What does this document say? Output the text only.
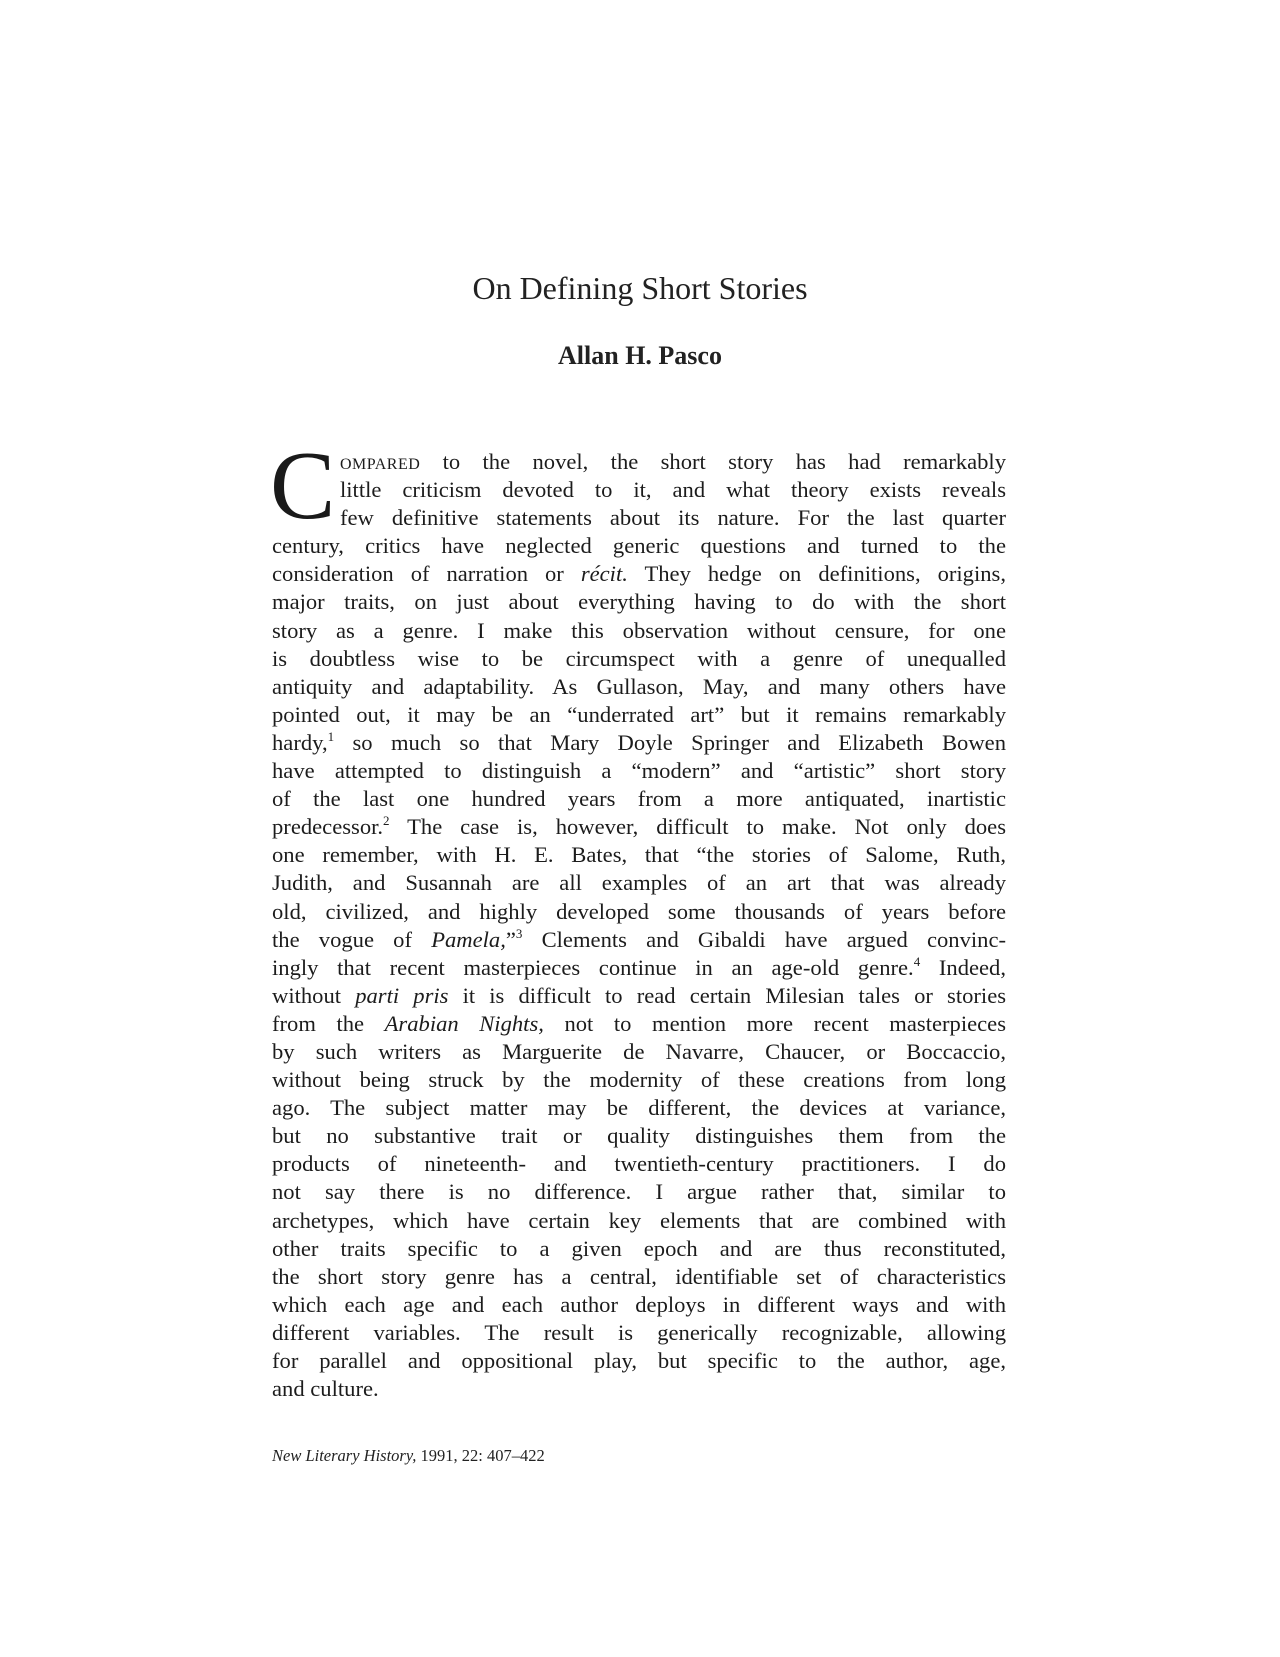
On Defining Short Stories
Allan H. Pasco
C ompared to the novel, the short story has had remarkably
little criticism devoted to it, and what theory exists reveals
few definitive statements about its nature. For the last quarter
century, critics have neglected generic questions and turned to the
consideration of narration or récit. They hedge on definitions, origins,
major traits, on just about everything having to do with the short
story as a genre. I make this observation without censure, for one
is doubtless wise to be circumspect with a genre of unequalled
antiquity and adaptability. As Gullason, May, and many others have
pointed out, it may be an “underrated art” but it remains remarkably
hardy,$^1$ so much so that Mary Doyle Springer and Elizabeth Bowen
have attempted to distinguish a “modern” and “artistic” short story
of the last one hundred years from a more antiquated, inartistic
predecessor.$^2$ The case is, however, difficult to make. Not only does
one remember, with H. E. Bates, that “the stories of Salome, Ruth,
Judith, and Susannah are all examples of an art that was already
old, civilized, and highly developed some thousands of years before
the vogue of Pamela,”$^3$ Clements and Gibaldi have argued convinc-
ingly that recent masterpieces continue in an age-old genre.$^4$ Indeed,
without parti pris it is difficult to read certain Milesian tales or stories
from the Arabian Nights, not to mention more recent masterpieces
by such writers as Marguerite de Navarre, Chaucer, or Boccaccio,
without being struck by the modernity of these creations from long
ago. The subject matter may be different, the devices at variance,
but no substantive trait or quality distinguishes them from the
products of nineteenth- and twentieth-century practitioners. I do
not say there is no difference. I argue rather that, similar to
archetypes, which have certain key elements that are combined with
other traits specific to a given epoch and are thus reconstituted,
the short story genre has a central, identifiable set of characteristics
which each age and each author deploys in different ways and with
different variables. The result is generically recognizable, allowing
for parallel and oppositional play, but specific to the author, age,
and culture.
New Literary History, 1991, 22: 407–422
